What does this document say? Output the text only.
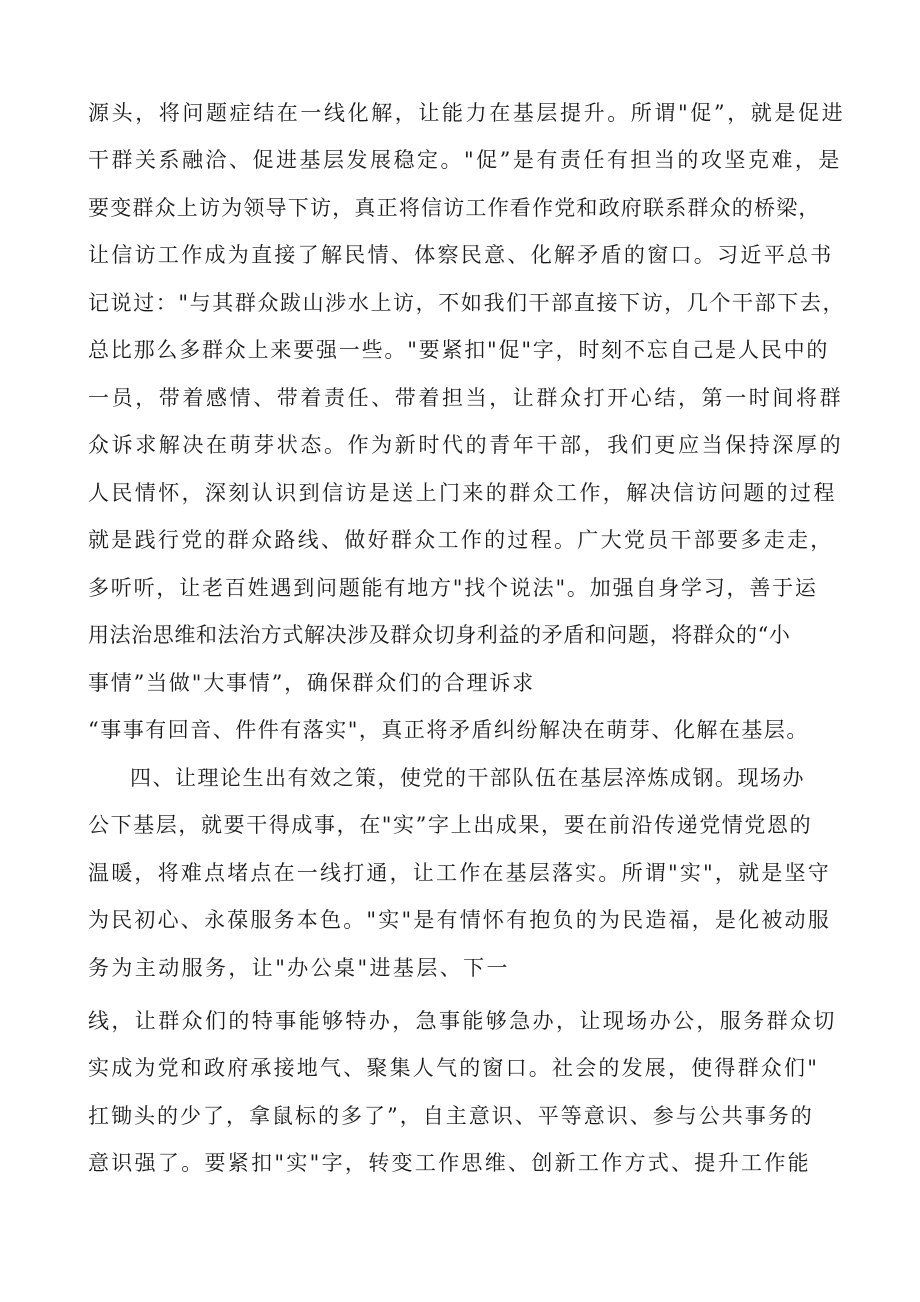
源头，将问题症结在一线化解，让能力在基层提升。所谓"促”，就是促进

干群关系融洽、促进基层发展稳定。"促”是有责任有担当的攻坚克难，是

要变群众上访为领导下访，真正将信访工作看作党和政府联系群众的桥梁，

让信访工作成为直接了解民情、体察民意、化解矛盾的窗口。习近平总书

记说过："与其群众跋山涉水上访，不如我们干部直接下访，几个干部下去，

总比那么多群众上来要强一些。"要紧扣"促"字，时刻不忘自己是人民中的

一员，带着感情、带着责任、带着担当，让群众打开心结，第一时间将群

众诉求解决在萌芽状态。作为新时代的青年干部，我们更应当保持深厚的

人民情怀，深刻认识到信访是送上门来的群众工作，解决信访问题的过程

就是践行党的群众路线、做好群众工作的过程。广大党员干部要多走走，

多听听，让老百姓遇到问题能有地方"找个说法"。加强自身学习，善于运

用法治思维和法治方式解决涉及群众切身利益的矛盾和问题，将群众的“小

事情”当做"大事情”，确保群众们的合理诉求

“事事有回音、件件有落实"，真正将矛盾纠纷解决在萌芽、化解在基层。

四、让理论生出有效之策，使党的干部队伍在基层淬炼成钢。现场办

公下基层，就要干得成事，在"实”字上出成果，要在前沿传递党情党恩的

温暖，将难点堵点在一线打通，让工作在基层落实。所谓"实"，就是坚守

为民初心、永葆服务本色。"实"是有情怀有抱负的为民造福，是化被动服

务为主动服务，让"办公桌"进基层、下一

线，让群众们的特事能够特办，急事能够急办，让现场办公，服务群众切

实成为党和政府承接地气、聚集人气的窗口。社会的发展，使得群众们"

扛锄头的少了，拿鼠标的多了”，自主意识、平等意识、参与公共事务的

意识强了。要紧扣"实"字，转变工作思维、创新工作方式、提升工作能
